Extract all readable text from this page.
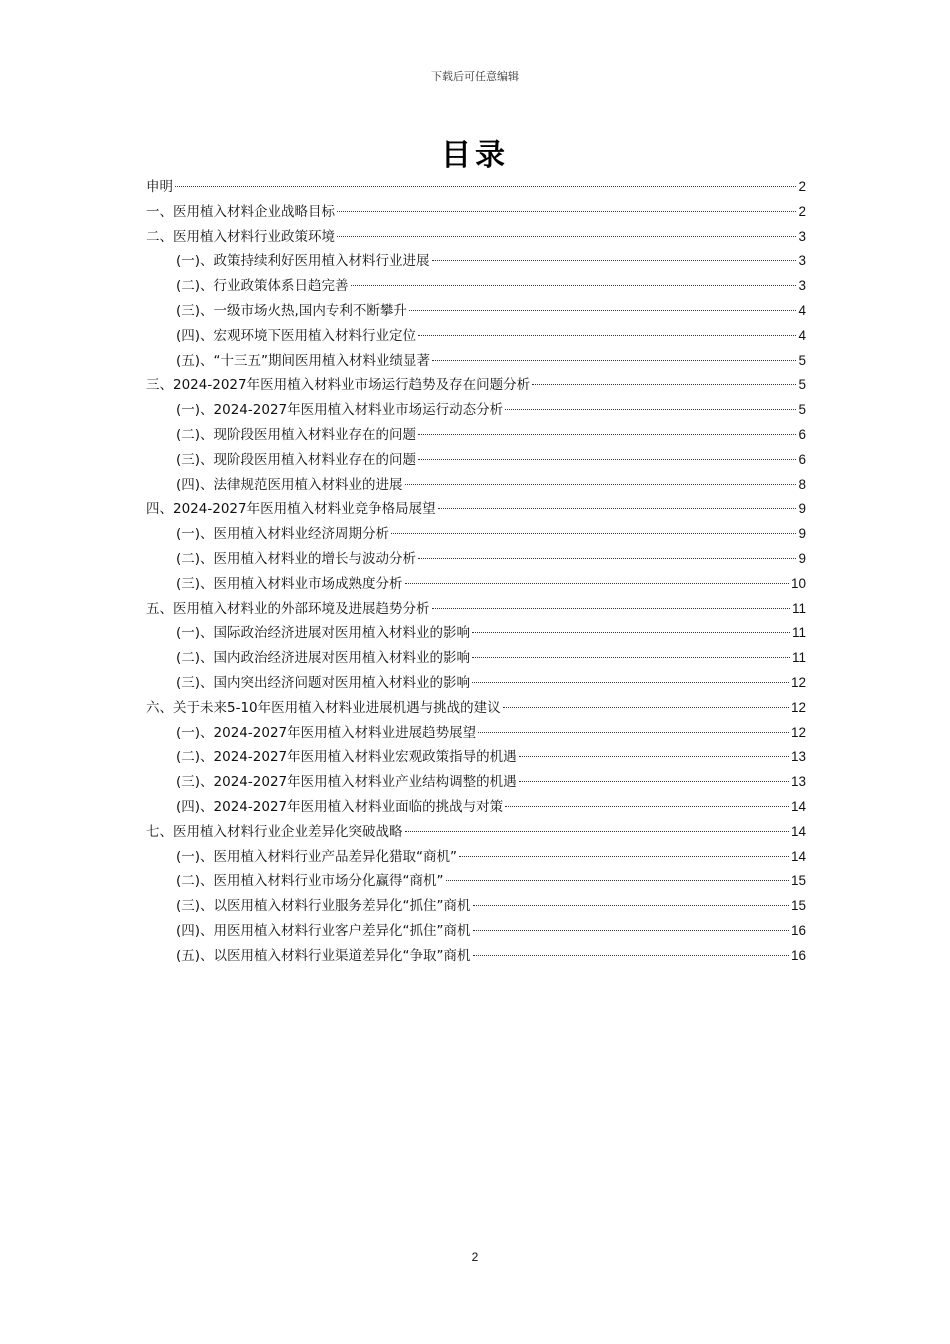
下载后可任意编辑
目录
申明	2
一、医用植入材料企业战略目标	2
二、医用植入材料行业政策环境	3
(一)、政策持续利好医用植入材料行业进展	3
(二)、行业政策体系日趋完善	3
(三)、一级市场火热,国内专利不断攀升	4
(四)、宏观环境下医用植入材料行业定位	4
(五)、“十三五”期间医用植入材料业绩显著	5
三、2024-2027年医用植入材料业市场运行趋势及存在问题分析	5
(一)、2024-2027年医用植入材料业市场运行动态分析	5
(二)、现阶段医用植入材料业存在的问题	6
(三)、现阶段医用植入材料业存在的问题	6
(四)、法律规范医用植入材料业的进展	8
四、2024-2027年医用植入材料业竞争格局展望	9
(一)、医用植入材料业经济周期分析	9
(二)、医用植入材料业的增长与波动分析	9
(三)、医用植入材料业市场成熟度分析	10
五、医用植入材料业的外部环境及进展趋势分析	11
(一)、国际政治经济进展对医用植入材料业的影响	11
(二)、国内政治经济进展对医用植入材料业的影响	11
(三)、国内突出经济问题对医用植入材料业的影响	12
六、关于未来5-10年医用植入材料业进展机遇与挑战的建议	12
(一)、2024-2027年医用植入材料业进展趋势展望	12
(二)、2024-2027年医用植入材料业宏观政策指导的机遇	13
(三)、2024-2027年医用植入材料业产业结构调整的机遇	13
(四)、2024-2027年医用植入材料业面临的挑战与对策	14
七、医用植入材料行业企业差异化突破战略	14
(一)、医用植入材料行业产品差异化猎取“商机”	14
(二)、医用植入材料行业市场分化赢得“商机”	15
(三)、以医用植入材料行业服务差异化“抓住”商机	15
(四)、用医用植入材料行业客户差异化“抓住”商机	16
(五)、以医用植入材料行业渠道差异化“争取”商机	16
2
